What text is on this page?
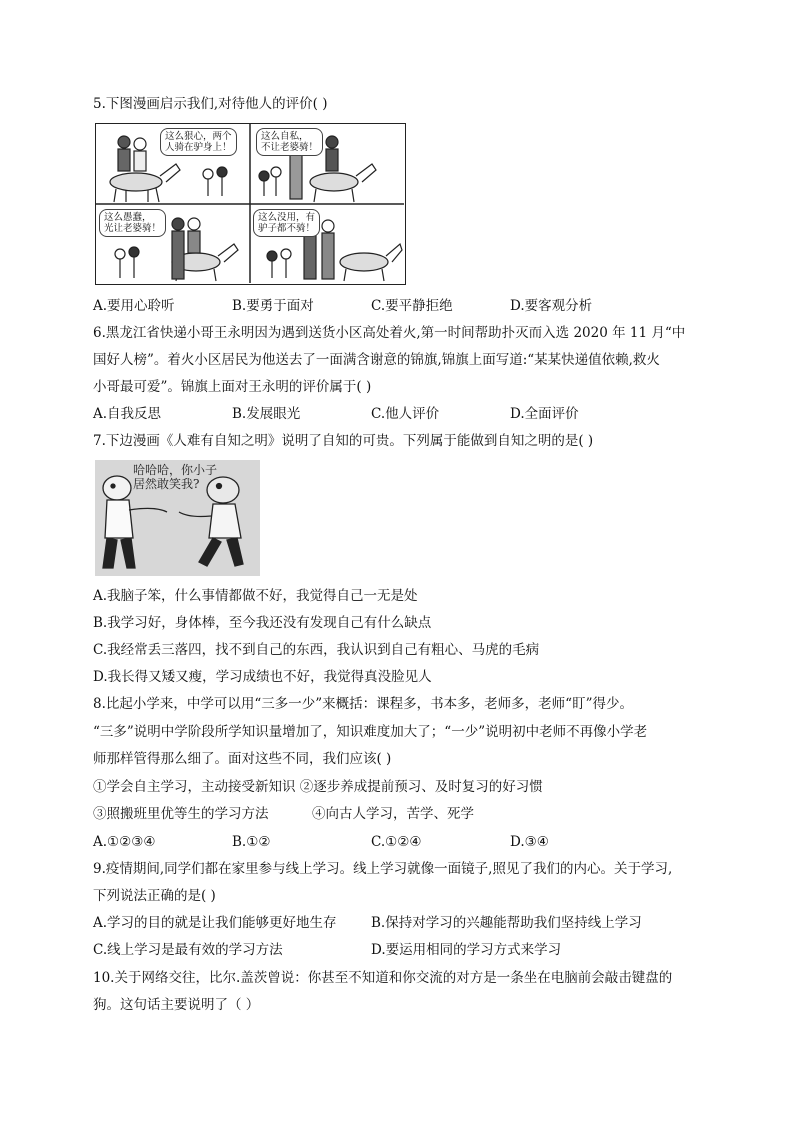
5.下图漫画启示我们,对待他人的评价( )
这么狠心，两个
人骑在驴身上！
这么自私，
不让老婆骑！
这么愚蠢，
光让老婆骑！
这么没用，有
驴子都不骑！
A.要用心聆听	B.要勇于面对	C.要平静拒绝	D.要客观分析
6.黑龙江省快递小哥王永明因为遇到送货小区高处着火,第一时间帮助扑灭而入选 2020 年 11 月“中
国好人榜”。着火小区居民为他送去了一面满含谢意的锦旗,锦旗上面写道:“某某快递值依赖,救火
小哥最可爱”。锦旗上面对王永明的评价属于( )
A.自我反思	B.发展眼光	C.他人评价	D.全面评价
7.下边漫画《人难有自知之明》说明了自知的可贵。下列属于能做到自知之明的是( )
哈哈哈，你小子
居然敢笑我?
A.我脑子笨，什么事情都做不好，我觉得自己一无是处
B.我学习好，身体棒，至今我还没有发现自己有什么缺点
C.我经常丢三落四，找不到自己的东西，我认识到自己有粗心、马虎的毛病
D.我长得又矮又瘦，学习成绩也不好，我觉得真没脸见人
8.比起小学来，中学可以用“三多一少”来概括：课程多，书本多，老师多，老师“盯”得少。
“三多”说明中学阶段所学知识量增加了，知识难度加大了；“一少”说明初中老师不再像小学老
师那样管得那么细了。面对这些不同，我们应该( )
①学会自主学习，主动接受新知识 ②逐步养成提前预习、及时复习的好习惯
③照搬班里优等生的学习方法	④向古人学习，苦学、死学
A.①②③④	B.①②	C.①②④	D.③④
9.疫情期间,同学们都在家里参与线上学习。线上学习就像一面镜子,照见了我们的内心。关于学习,
下列说法正确的是( )
A.学习的目的就是让我们能够更好地生存	B.保持对学习的兴趣能帮助我们坚持线上学习
C.线上学习是最有效的学习方法	D.要运用相同的学习方式来学习
10.关于网络交往，比尔.盖茨曾说：你甚至不知道和你交流的对方是一条坐在电脑前会敲击键盘的
狗。这句话主要说明了（ ）
